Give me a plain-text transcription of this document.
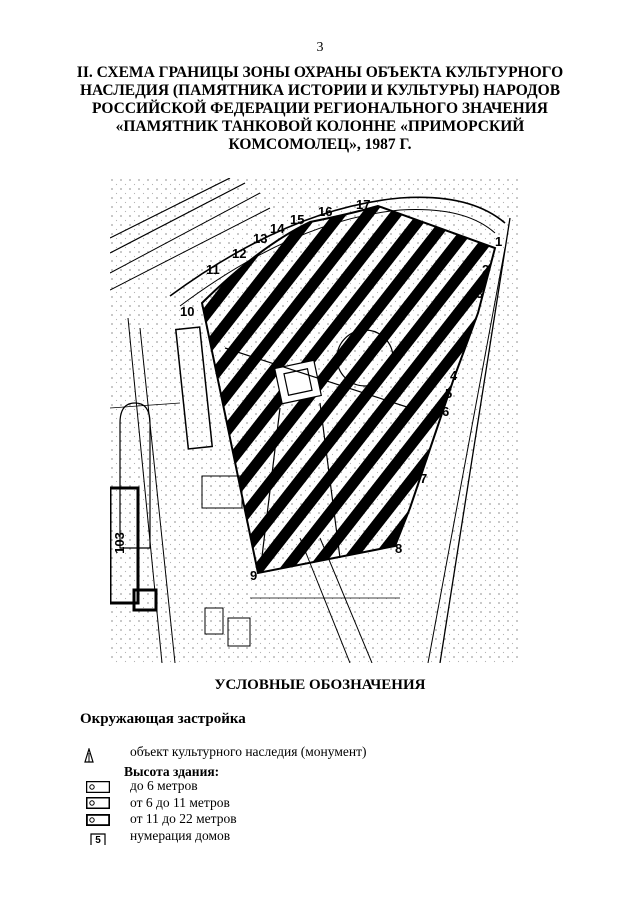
3
II. СХЕМА ГРАНИЦЫ ЗОНЫ ОХРАНЫ ОБЪЕКТА КУЛЬТУРНОГО
НАСЛЕДИЯ (ПАМЯТНИКА ИСТОРИИ И КУЛЬТУРЫ) НАРОДОВ
РОССИЙСКОЙ ФЕДЕРАЦИИ РЕГИОНАЛЬНОГО ЗНАЧЕНИЯ
«ПАМЯТНИК ТАНКОВОЙ КОЛОННЕ «ПРИМОРСКИЙ
КОМСОМОЛЕЦ», 1987 Г.
103
1
2
3
4
5
6
7
8
9
10
11
12
13
14
15
16 17
УСЛОВНЫЕ ОБОЗНАЧЕНИЯ
Окружающая застройка
объект культурного наследия (монумент)
Высота здания:
до 6 метров
от 6 до 11 метров
от 11 до 22 метров
5 нумерация домов
